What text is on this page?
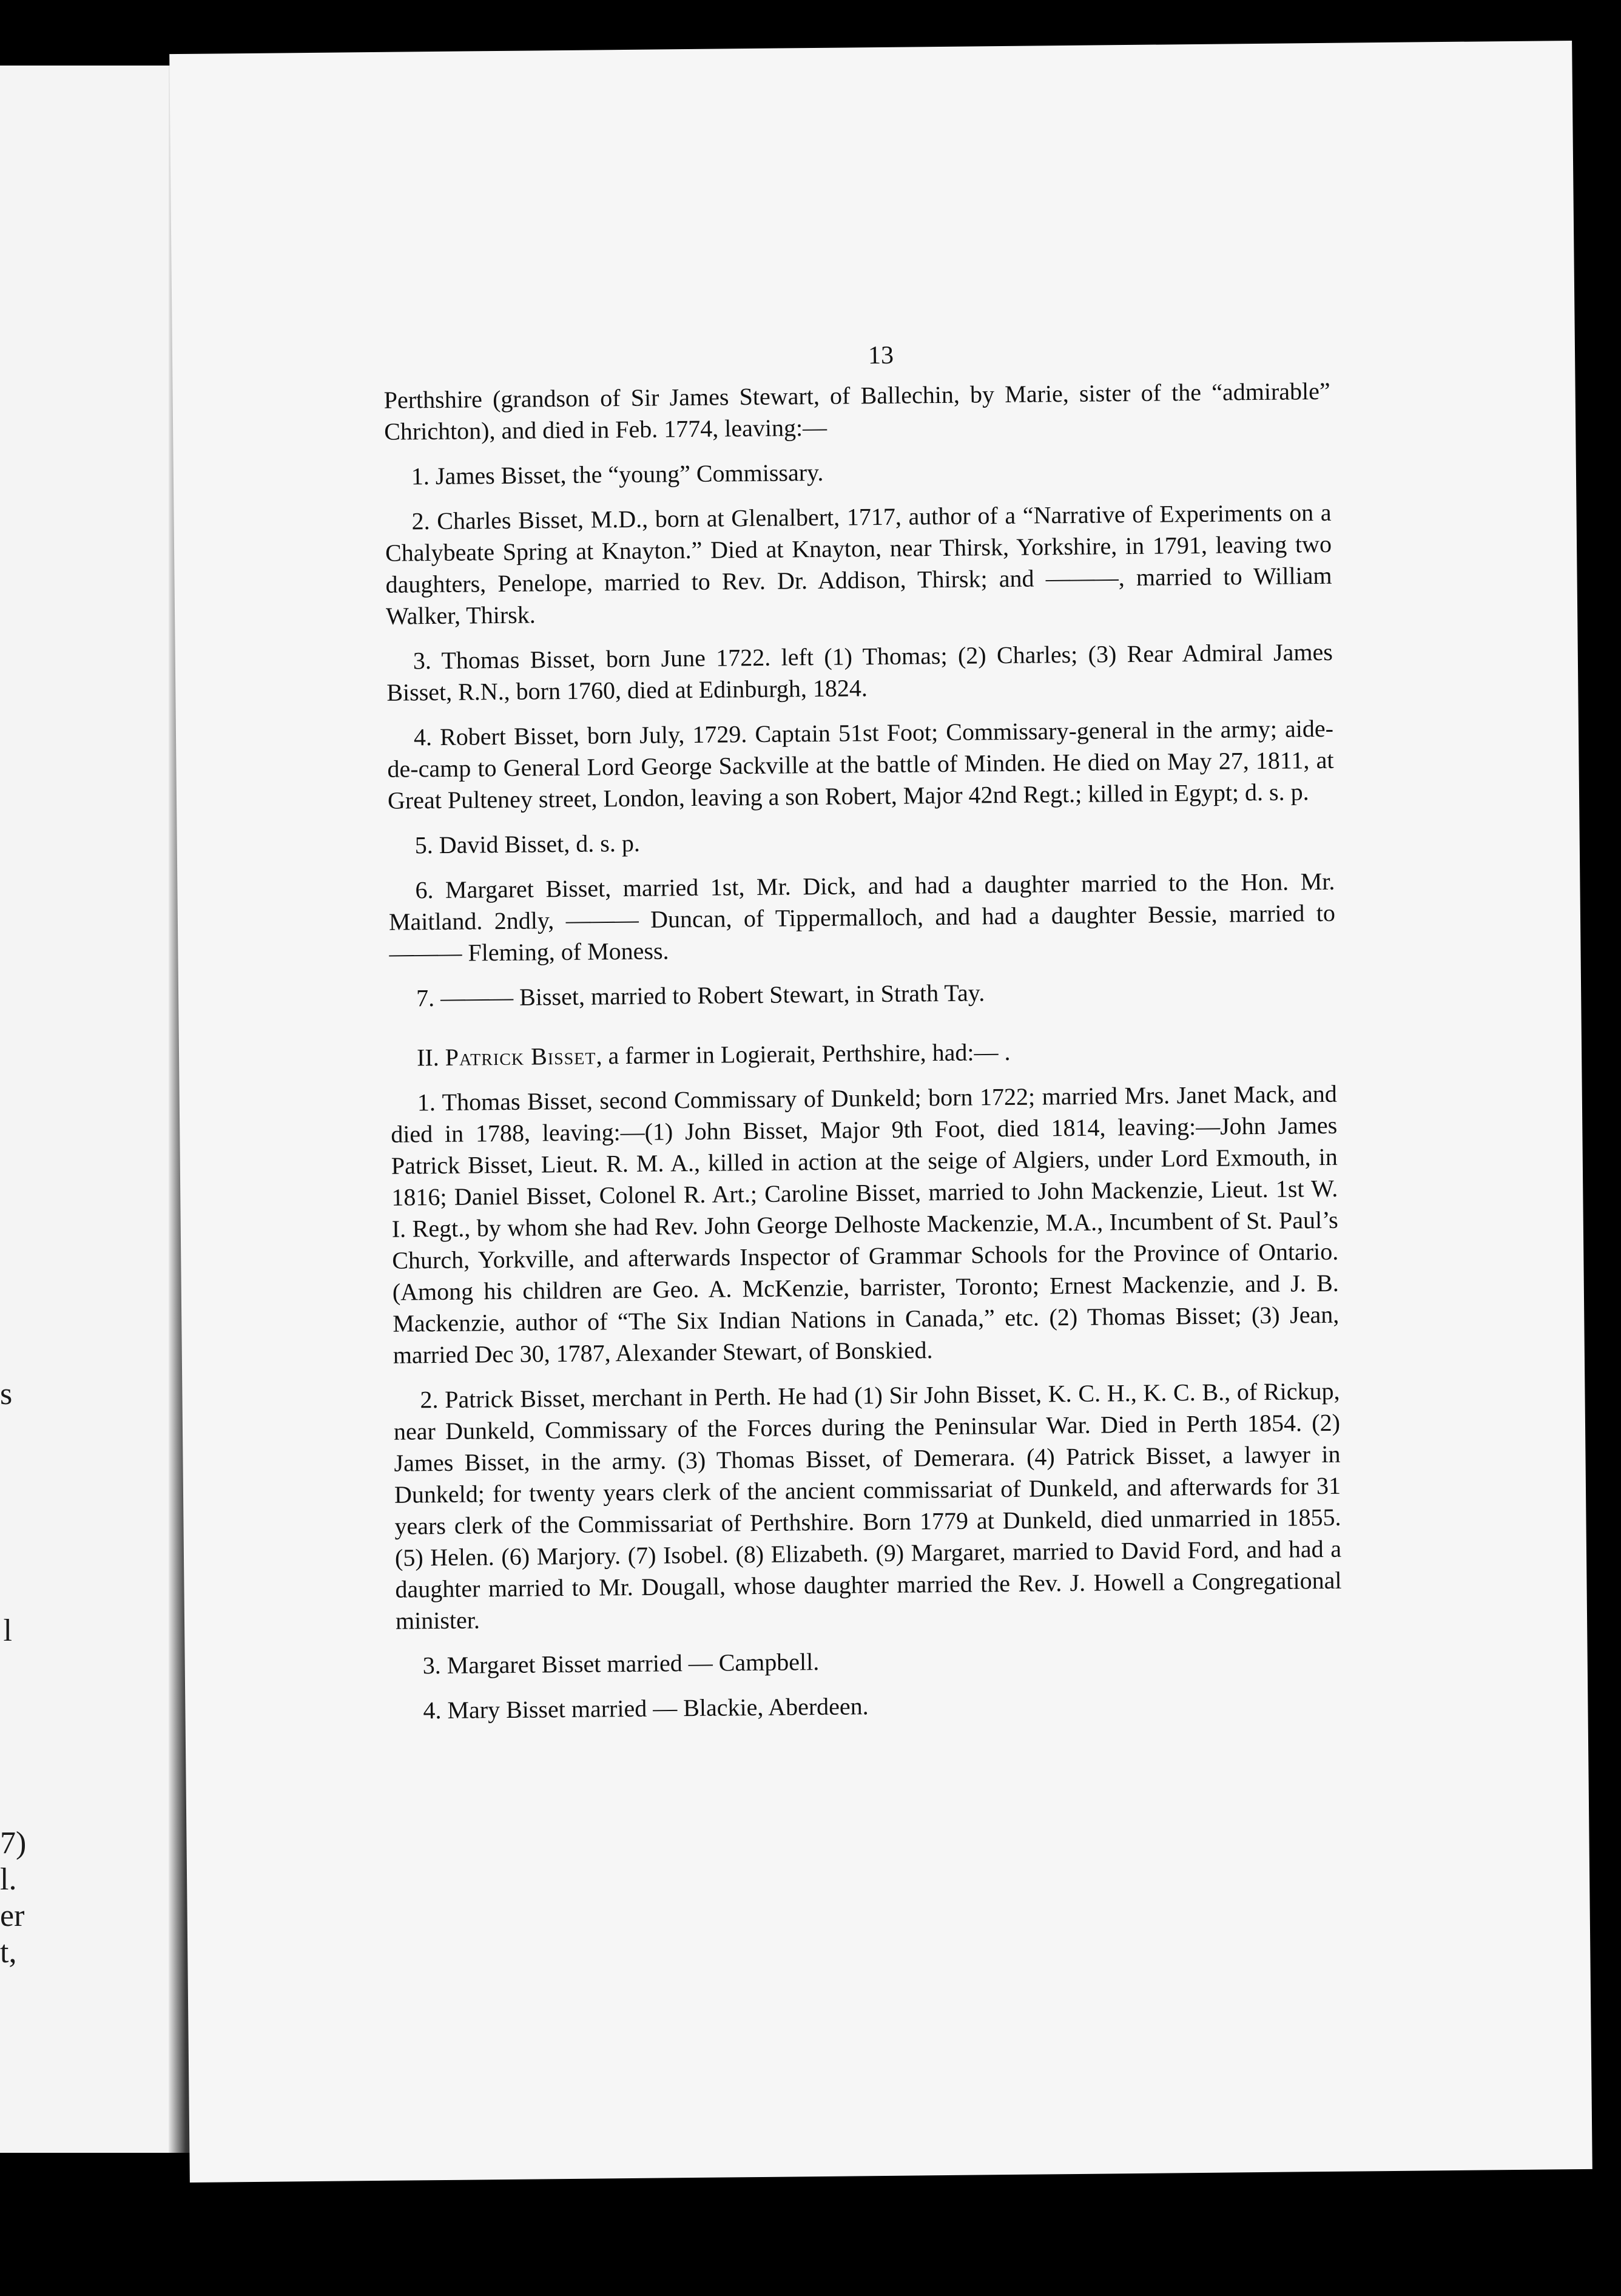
s
l
7)
l.
er
t,
13

Perthshire (grandson of Sir James Stewart, of Ballechin, by Marie, sister of the “admirable” Chrichton), and died in Feb. 1774, leaving:—

1. James Bisset, the “young” Commissary.

2. Charles Bisset, M.D., born at Glenalbert, 1717, author of a “Narrative of Experiments on a Chalybeate Spring at Knayton.” Died at Knayton, near Thirsk, Yorkshire, in 1791, leaving two daughters, Penelope, married to Rev. Dr. Addison, Thirsk; and ———, married to William Walker, Thirsk.

3. Thomas Bisset, born June 1722. left (1) Thomas; (2) Charles; (3) Rear Admiral James Bisset, R.N., born 1760, died at Edinburgh, 1824.

4. Robert Bisset, born July, 1729. Captain 51st Foot; Commissary-general in the army; aide-de-camp to General Lord George Sackville at the battle of Minden. He died on May 27, 1811, at Great Pulteney street, London, leaving a son Robert, Major 42nd Regt.; killed in Egypt; d. s. p.

5. David Bisset, d. s. p.

6. Margaret Bisset, married 1st, Mr. Dick, and had a daughter married to the Hon. Mr. Maitland. 2ndly, ——— Duncan, of Tippermalloch, and had a daughter Bessie, married to ——— Fleming, of Moness.

7. ——— Bisset, married to Robert Stewart, in Strath Tay.

II. Patrick Bisset, a farmer in Logierait, Perthshire, had:— .

1. Thomas Bisset, second Commissary of Dunkeld; born 1722; married Mrs. Janet Mack, and died in 1788, leaving:—(1) John Bisset, Major 9th Foot, died 1814, leaving:—John James Patrick Bisset, Lieut. R. M. A., killed in action at the seige of Algiers, under Lord Exmouth, in 1816; Daniel Bisset, Colonel R. Art.; Caroline Bisset, married to John Mackenzie, Lieut. 1st W. I. Regt., by whom she had Rev. John George Delhoste Mackenzie, M.A., Incumbent of St. Paul’s Church, Yorkville, and afterwards Inspector of Grammar Schools for the Province of Ontario. (Among his children are Geo. A. McKenzie, barrister, Toronto; Ernest Mackenzie, and J. B. Mackenzie, author of “The Six Indian Nations in Canada,” etc. (2) Thomas Bisset; (3) Jean, married Dec 30, 1787, Alexander Stewart, of Bonskied.

2. Patrick Bisset, merchant in Perth. He had (1) Sir John Bisset, K. C. H., K. C. B., of Rickup, near Dunkeld, Commissary of the Forces during the Peninsular War. Died in Perth 1854. (2) James Bisset, in the army. (3) Thomas Bisset, of Demerara. (4) Patrick Bisset, a lawyer in Dunkeld; for twenty years clerk of the ancient commissariat of Dunkeld, and afterwards for 31 years clerk of the Commissariat of Perthshire. Born 1779 at Dunkeld, died unmarried in 1855. (5) Helen. (6) Marjory. (7) Isobel. (8) Elizabeth. (9) Margaret, married to David Ford, and had a daughter married to Mr. Dougall, whose daughter married the Rev. J. Howell a Congregational minister.

3. Margaret Bisset married — Campbell.

4. Mary Bisset married — Blackie, Aberdeen.
